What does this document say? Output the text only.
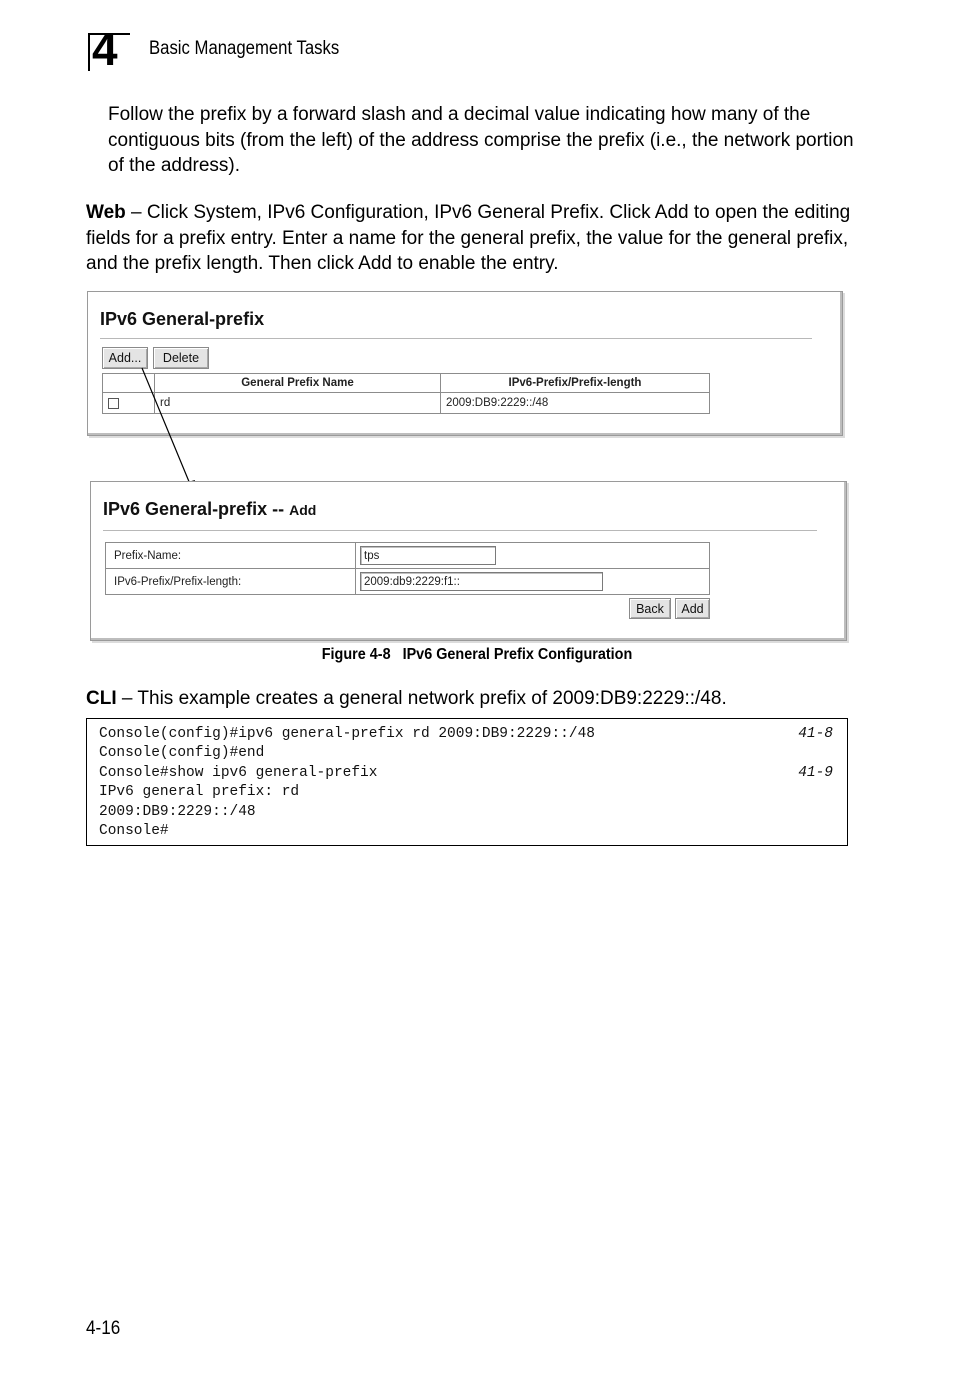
4 Basic Management Tasks
Follow the prefix by a forward slash and a decimal value indicating how many of the contiguous bits (from the left) of the address comprise the prefix (i.e., the network portion of the address).
Web – Click System, IPv6 Configuration, IPv6 General Prefix. Click Add to open the editing fields for a prefix entry. Enter a name for the general prefix, the value for the general prefix, and the prefix length. Then click Add to enable the entry.
IPv6 General-prefix
Add...	Delete
General Prefix Name	IPv6-Prefix/Prefix-length
rd	2009:DB9:2229::/48
IPv6 General-prefix -- Add
Prefix-Name:	tps
IPv6-Prefix/Prefix-length:	2009:db9:2229:f1::
Back	Add
Figure 4-8   IPv6 General Prefix Configuration
CLI – This example creates a general network prefix of 2009:DB9:2229::/48.
Console(config)#ipv6 general-prefix rd 2009:DB9:2229::/48	41-8
Console(config)#end
Console#show ipv6 general-prefix	41-9
IPv6 general prefix: rd
2009:DB9:2229::/48
Console#
4-16
